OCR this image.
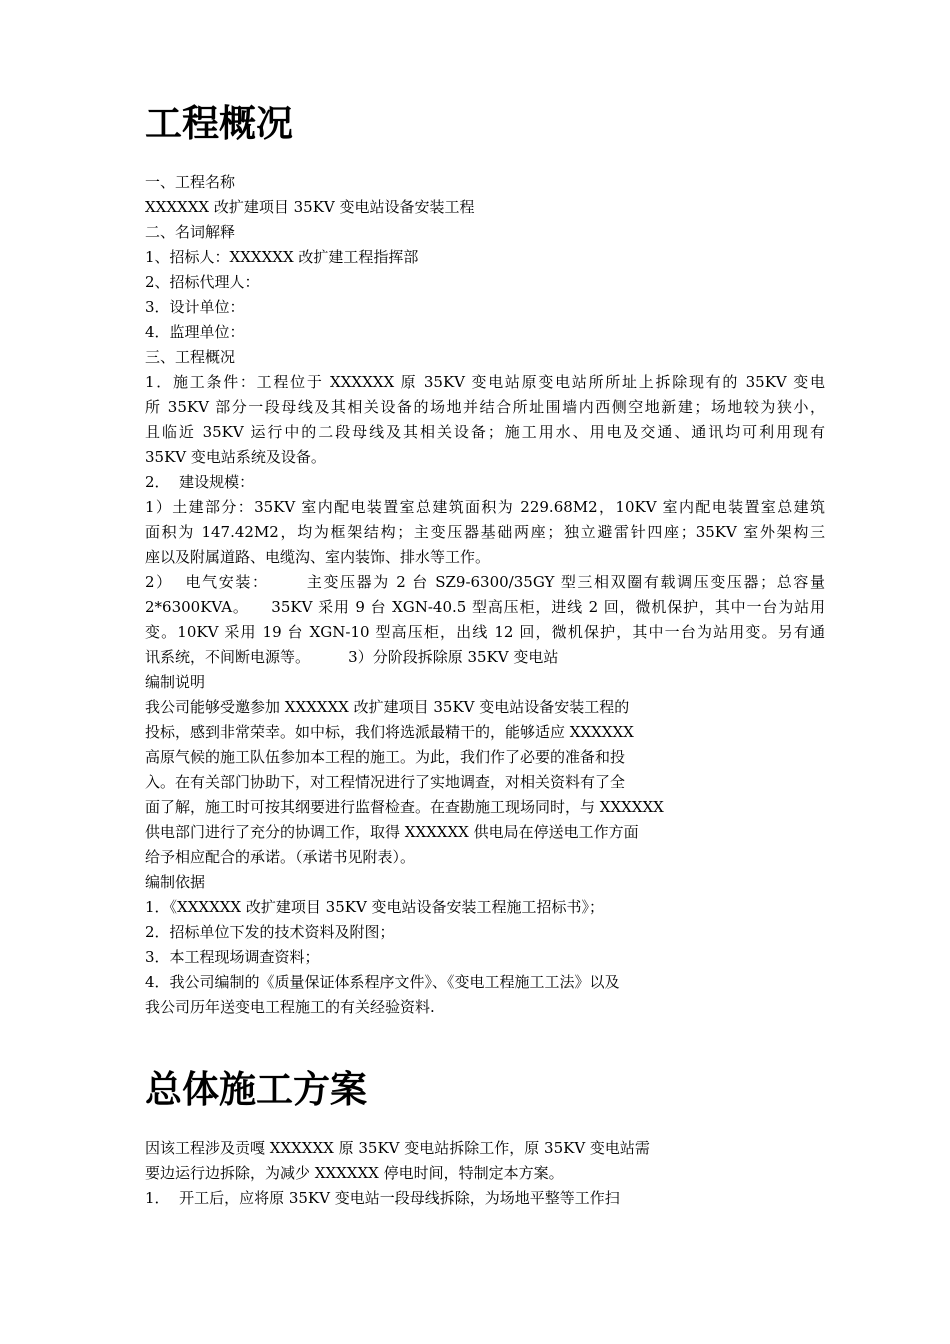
工程概况
一、工程名称
XXXXXX 改扩建项目 35KV 变电站设备安装工程
二、名词解释
1、招标人：XXXXXX 改扩建工程指挥部
2、招标代理人：
3．设计单位：
4．监理单位：
三、工程概况
1．施工条件：工程位于 XXXXXX 原 35KV 变电站原变电站所所址上拆除现有的 35KV 变电
所 35KV 部分一段母线及其相关设备的场地并结合所址围墙内西侧空地新建；场地较为狭小，
且临近 35KV 运行中的二段母线及其相关设备；施工用水、用电及交通、通讯均可利用现有
35KV 变电站系统及设备。
2．  建设规模：
1）土建部分：35KV 室内配电装置室总建筑面积为 229.68M2，10KV 室内配电装置室总建筑
面积为 147.42M2，均为框架结构；主变压器基础两座；独立避雷针四座；35KV 室外架构三
座以及附属道路、电缆沟、室内装饰、排水等工作。
2）  电气安装：      主变压器为 2 台 SZ9-6300/35GY 型三相双圈有载调压变压器；总容量
2*6300KVA。    35KV 采用 9 台 XGN-40.5 型高压柜，进线 2 回，微机保护，其中一台为站用
变。10KV 采用 19 台 XGN-10 型高压柜，出线 12 回，微机保护，其中一台为站用变。另有通
讯系统，不间断电源等。        3）分阶段拆除原 35KV 变电站
编制说明
我公司能够受邀参加 XXXXXX 改扩建项目 35KV 变电站设备安装工程的
投标，感到非常荣幸。如中标，我们将选派最精干的，能够适应 XXXXXX
高原气候的施工队伍参加本工程的施工。为此，我们作了必要的准备和投
入。在有关部门协助下，对工程情况进行了实地调查，对相关资料有了全
面了解，施工时可按其纲要进行监督检查。在查勘施工现场同时，与 XXXXXX
供电部门进行了充分的协调工作，取得 XXXXXX 供电局在停送电工作方面
给予相应配合的承诺。（承诺书见附表）。
编制依据
1．《XXXXXX 改扩建项目 35KV 变电站设备安装工程施工招标书》；
2．招标单位下发的技术资料及附图；
3．本工程现场调查资料；
4．我公司编制的《质量保证体系程序文件》、《变电工程施工工法》以及
我公司历年送变电工程施工的有关经验资料.
总体施工方案
因该工程涉及贡嘎 XXXXXX 原 35KV 变电站拆除工作，原 35KV 变电站需
要边运行边拆除，为减少 XXXXXX 停电时间，特制定本方案。
1．  开工后，应将原 35KV 变电站一段母线拆除，为场地平整等工作扫
